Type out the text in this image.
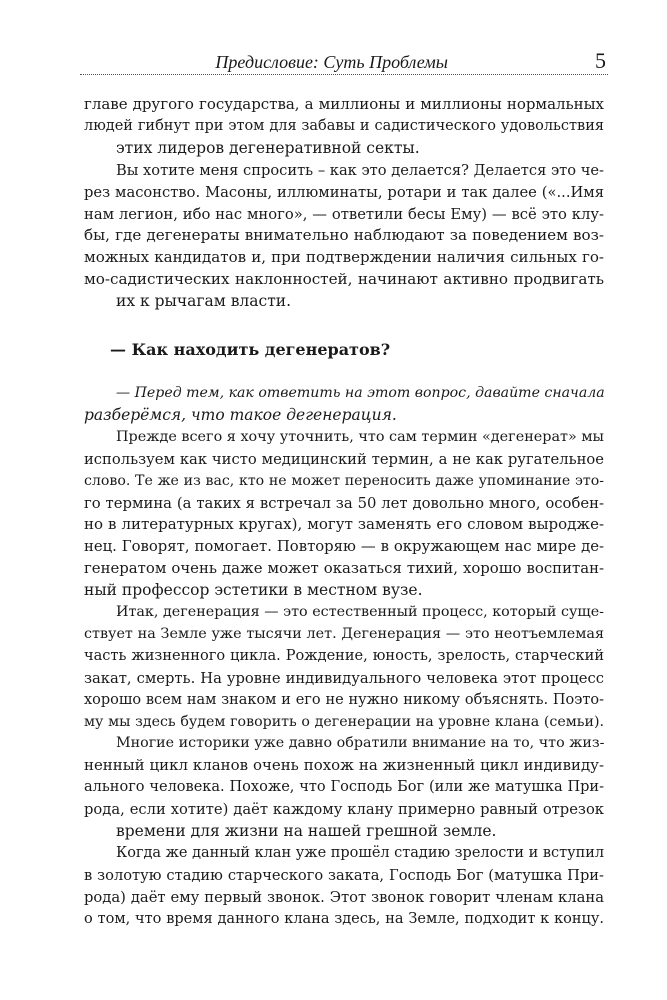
Предисловие: Суть Проблемы	5
главе другого государства, а миллионы и миллионы нормальных
людей гибнут при этом для забавы и садистического удовольствия
этих лидеров дегенеративной секты.
Вы хотите меня спросить – как это делается? Делается это че-
рез масонство. Масоны, иллюминаты, ротари и так далее («...Имя
нам легион, ибо нас много», — ответили бесы Ему) — всё это клу-
бы, где дегенераты внимательно наблюдают за поведением воз-
можных кандидатов и, при подтверждении наличия сильных го-
мо-садистических наклонностей, начинают активно продвигать
их к рычагам власти.
— Как находить дегенератов?
— Перед тем, как ответить на этот вопрос, давайте сначала
разберёмся, что такое дегенерация.
Прежде всего я хочу уточнить, что сам термин «дегенерат» мы
используем как чисто медицинский термин, а не как ругательное
слово. Те же из вас, кто не может переносить даже упоминание это-
го термина (а таких я встречал за 50 лет довольно много, особен-
но в литературных кругах), могут заменять его словом выродже-
нец. Говорят, помогает. Повторяю — в окружающем нас мире де-
генератом очень даже может оказаться тихий, хорошо воспитан-
ный профессор эстетики в местном вузе.
Итак, дегенерация — это естественный процесс, который суще-
ствует на Земле уже тысячи лет. Дегенерация — это неотъемлемая
часть жизненного цикла. Рождение, юность, зрелость, старческий
закат, смерть. На уровне индивидуального человека этот процесс
хорошо всем нам знаком и его не нужно никому объяснять. Поэто-
му мы здесь будем говорить о дегенерации на уровне клана (семьи).
Многие историки уже давно обратили внимание на то, что жиз-
ненный цикл кланов очень похож на жизненный цикл индивиду-
ального человека. Похоже, что Господь Бог (или же матушка При-
рода, если хотите) даёт каждому клану примерно равный отрезок
времени для жизни на нашей грешной земле.
Когда же данный клан уже прошёл стадию зрелости и вступил
в золотую стадию старческого заката, Господь Бог (матушка При-
рода) даёт ему первый звонок. Этот звонок говорит членам клана
о том, что время данного клана здесь, на Земле, подходит к концу.
